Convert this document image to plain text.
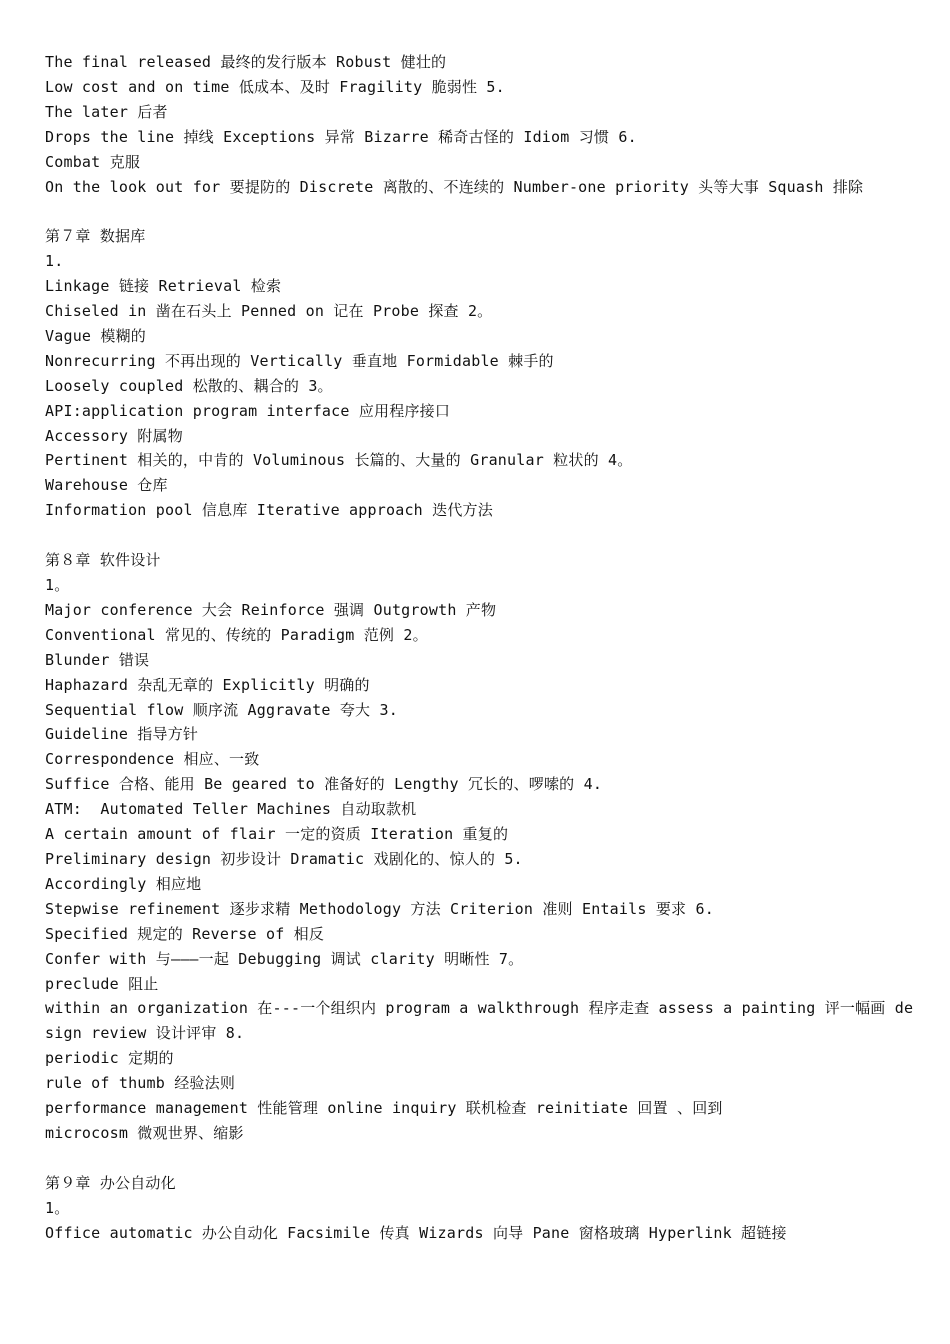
The final released 最终的发行版本 Robust 健壮的

Low cost and on time 低成本、及时 Fragility 脆弱性 5.

The later 后者

Drops the line 掉线 Exceptions 异常 Bizarre 稀奇古怪的 Idiom 习惯 6.

Combat 克服

On the look out for 要提防的 Discrete 离散的、不连续的 Number-one priority 头等大事 Squash 排除

第７章 数据库

1.

Linkage 链接 Retrieval 检索

Chiseled in 凿在石头上 Penned on 记在 Probe 探查 2。

Vague 模糊的

Nonrecurring 不再出现的 Vertically 垂直地 Formidable 棘手的

Loosely coupled 松散的、耦合的 3。

API:application program interface 应用程序接口

Accessory 附属物

Pertinent 相关的，中肯的 Voluminous 长篇的、大量的 Granular 粒状的 4。

Warehouse 仓库

Information pool 信息库 Iterative approach 迭代方法

第８章 软件设计

1。

Major conference 大会 Reinforce 强调 Outgrowth 产物

Conventional 常见的、传统的 Paradigm 范例 2。

Blunder 错误

Haphazard 杂乱无章的 Explicitly 明确的

Sequential flow 顺序流 Aggravate 夸大 3.

Guideline 指导方针

Correspondence 相应、一致

Suffice 合格、能用 Be geared to 准备好的 Lengthy 冗长的、啰嗦的 4.

ATM:  Automated Teller Machines 自动取款机

A certain amount of flair 一定的资质 Iteration 重复的

Preliminary design 初步设计 Dramatic 戏剧化的、惊人的 5.

Accordingly 相应地

Stepwise refinement 逐步求精 Methodology 方法 Criterion 准则 Entails 要求 6.

Specified 规定的 Reverse of 相反

Confer with 与———一起 Debugging 调试 clarity 明晰性 7。

preclude 阻止

within an organization 在---一个组织内 program a walkthrough 程序走查 assess a painting 评一幅画 design review 设计评审 8.

periodic 定期的

rule of thumb 经验法则

performance management 性能管理 online inquiry 联机检查 reinitiate 回置 、回到

microcosm 微观世界、缩影

第９章 办公自动化

1。

Office automatic 办公自动化 Facsimile 传真 Wizards 向导 Pane 窗格玻璃 Hyperlink 超链接
